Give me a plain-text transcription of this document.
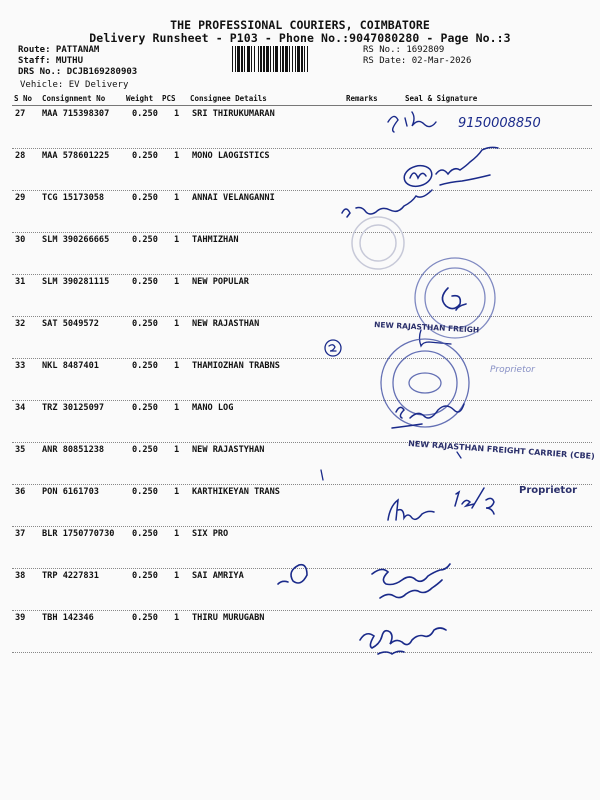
THE PROFESSIONAL COURIERS, COIMBATORE
Delivery Runsheet - P103 - Phone No.:9047080280 - Page No.:3
Route: PATTANAM
Staff: MUTHU
DRS No.: DCJB169280903
Vehicle: EV Delivery
RS No.: 1692809
RS Date: 02-Mar-2026
S No Consignment No	Weight PCS Consignee Details	Remarks	Seal & Signature
27 MAA 715398307	0.250 1 SRI THIRUKUMARAN
28 MAA 578601225	0.250 1 MONO LAOGISTICS
29 TCG 15173058	0.250 1 ANNAI VELANGANNI
30 SLM 390266665	0.250 1 TAHMIZHAN
31 SLM 390281115	0.250 1 NEW POPULAR
32 SAT 5049572	0.250 1 NEW RAJASTHAN
33 NKL 8487401	0.250 1 THAMIOZHAN TRABNS
34 TRZ 30125097	0.250 1 MANO LOG
35 ANR 80851238	0.250 1 NEW RAJASTYHAN
36 PON 6161703	0.250 1 KARTHIKEYAN TRANS
37 BLR 1750770730 0.250 1 SIX PRO
38 TRP 4227831	0.250 1 SAI AMRIYA
39 TBH 142346	0.250 1 THIRU MURUGABN
9150008850
NEW RAJASTHAN FREIGH
Proprietor
NEW RAJASTHAN FREIGHT CARRIER (CBE)
Proprietor
